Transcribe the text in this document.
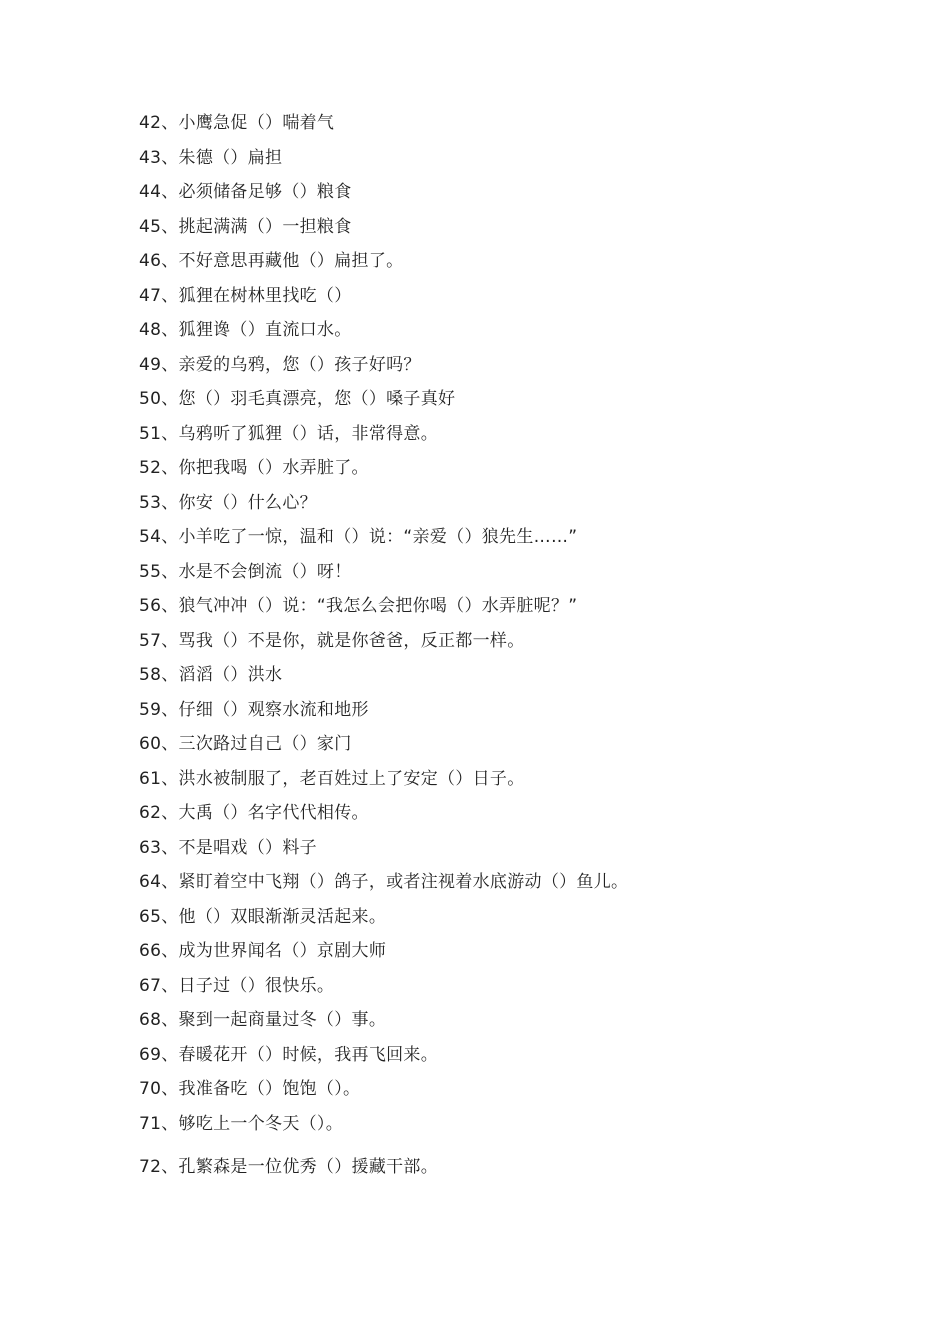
42、小鹰急促（）喘着气
43、朱德（）扁担
44、必须储备足够（）粮食
45、挑起满满（）一担粮食
46、不好意思再藏他（）扁担了。
47、狐狸在树林里找吃（）
48、狐狸谗（）直流口水。
49、亲爱的乌鸦，您（）孩子好吗？
50、您（）羽毛真漂亮，您（）嗓子真好
51、乌鸦听了狐狸（）话，非常得意。
52、你把我喝（）水弄脏了。
53、你安（）什么心？
54、小羊吃了一惊，温和（）说：“亲爱（）狼先生……”
55、水是不会倒流（）呀！
56、狼气冲冲（）说：“我怎么会把你喝（）水弄脏呢？”
57、骂我（）不是你，就是你爸爸，反正都一样。
58、滔滔（）洪水
59、仔细（）观察水流和地形
60、三次路过自己（）家门
61、洪水被制服了，老百姓过上了安定（）日子。
62、大禹（）名字代代相传。
63、不是唱戏（）料子
64、紧盯着空中飞翔（）鸽子，或者注视着水底游动（）鱼儿。
65、他（）双眼渐渐灵活起来。
66、成为世界闻名（）京剧大师
67、日子过（）很快乐。
68、聚到一起商量过冬（）事。
69、春暖花开（）时候，我再飞回来。
70、我准备吃（）饱饱（）。
71、够吃上一个冬天（）。
72、孔繁森是一位优秀（）援藏干部。
